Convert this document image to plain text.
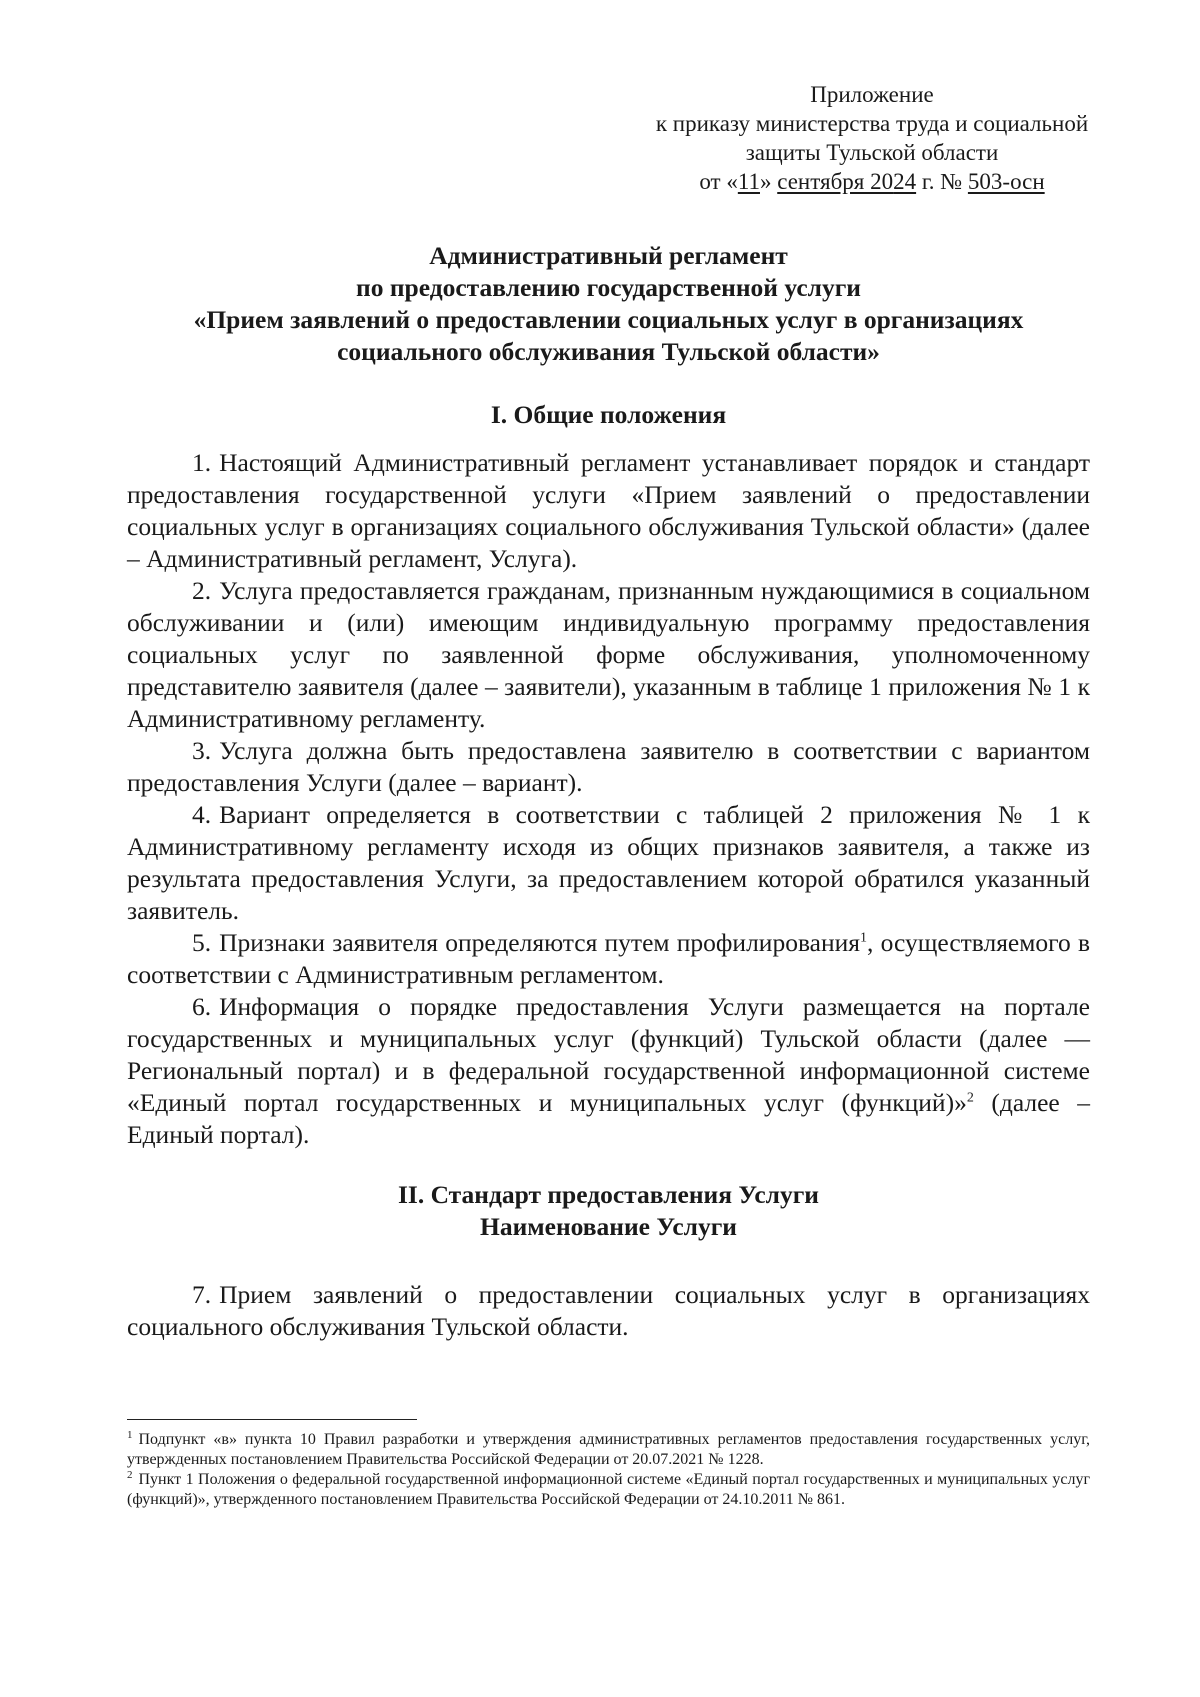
Приложение
к приказу министерства труда и социальной
защиты Тульской области
от «11» сентября 2024 г. № 503-осн
Административный регламент
по предоставлению государственной услуги
«Прием заявлений о предоставлении социальных услуг в организациях
социального обслуживания Тульской области»
I. Общие положения

1. Настоящий Административный регламент устанавливает порядок и стандарт предоставления государственной услуги «Прием заявлений о предоставлении социальных услуг в организациях социального обслуживания Тульской области» (далее – Административный регламент, Услуга).

2. Услуга предоставляется гражданам, признанным нуждающимися в социальном обслуживании и (или) имеющим индивидуальную программу предоставления социальных услуг по заявленной форме обслуживания, уполномоченному представителю заявителя (далее – заявители), указанным в таблице 1 приложения № 1 к Административному регламенту.

3. Услуга должна быть предоставлена заявителю в соответствии с вариантом предоставления Услуги (далее – вариант).

4. Вариант определяется в соответствии с таблицей 2 приложения № 1 к Административному регламенту исходя из общих признаков заявителя, а также из результата предоставления Услуги, за предоставлением которой обратился указанный заявитель.

5. Признаки заявителя определяются путем профилирования$^1$, осуществляемого в соответствии с Административным регламентом.

6. Информация о порядке предоставления Услуги размещается на портале государственных и муниципальных услуг (функций) Тульской области (далее — Региональный портал) и в федеральной государственной информационной системе «Единый портал государственных и муниципальных услуг (функций)»$^2$ (далее – Единый портал).

II. Стандарт предоставления Услуги
Наименование Услуги

7. Прием заявлений о предоставлении социальных услуг в организациях социального обслуживания Тульской области.

$^1$ Подпункт «в» пункта 10 Правил разработки и утверждения административных регламентов предоставления государственных услуг, утвержденных постановлением Правительства Российской Федерации от 20.07.2021 № 1228.

$^2$ Пункт 1 Положения о федеральной государственной информационной системе «Единый портал государственных и муниципальных услуг (функций)», утвержденного постановлением Правительства Российской Федерации от 24.10.2011 № 861.
